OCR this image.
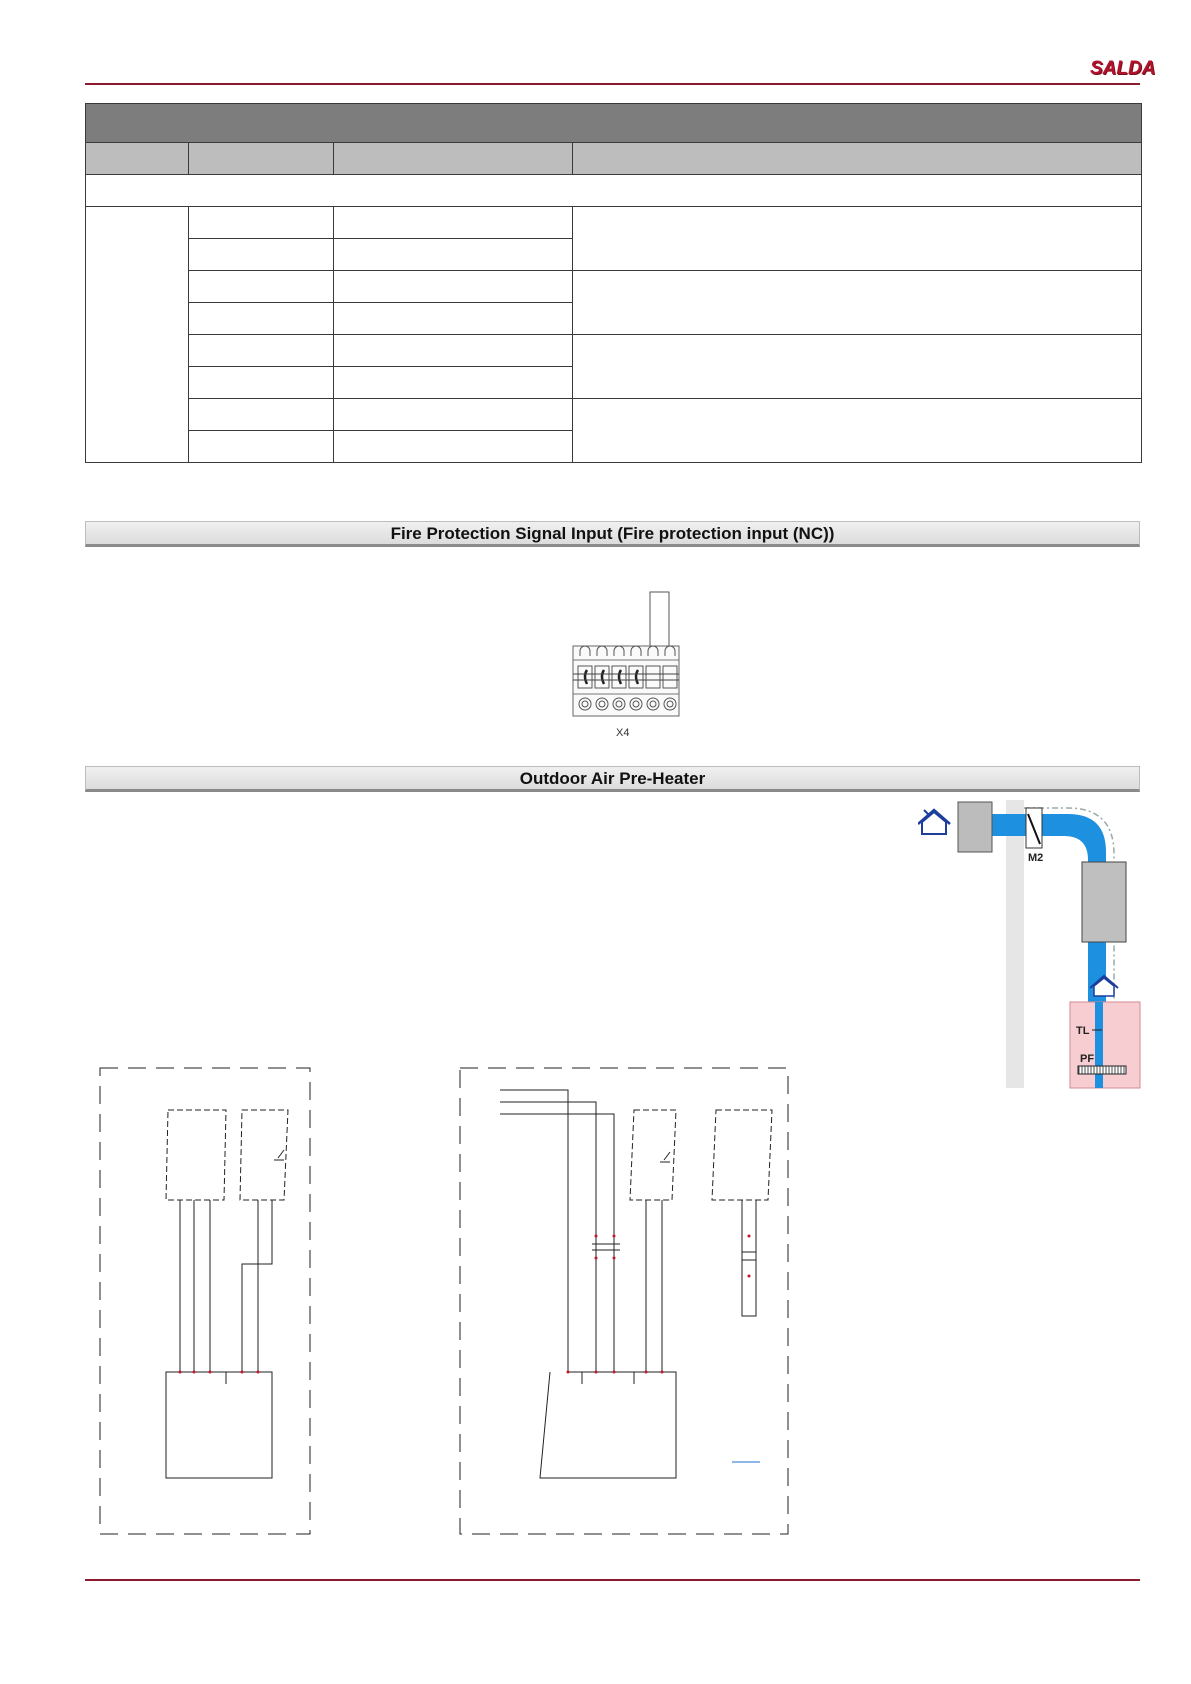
SALDA

Fire Protection Signal Input (Fire protection input (NC))
X4
Outdoor Air Pre-Heater
M2
TL
PF
